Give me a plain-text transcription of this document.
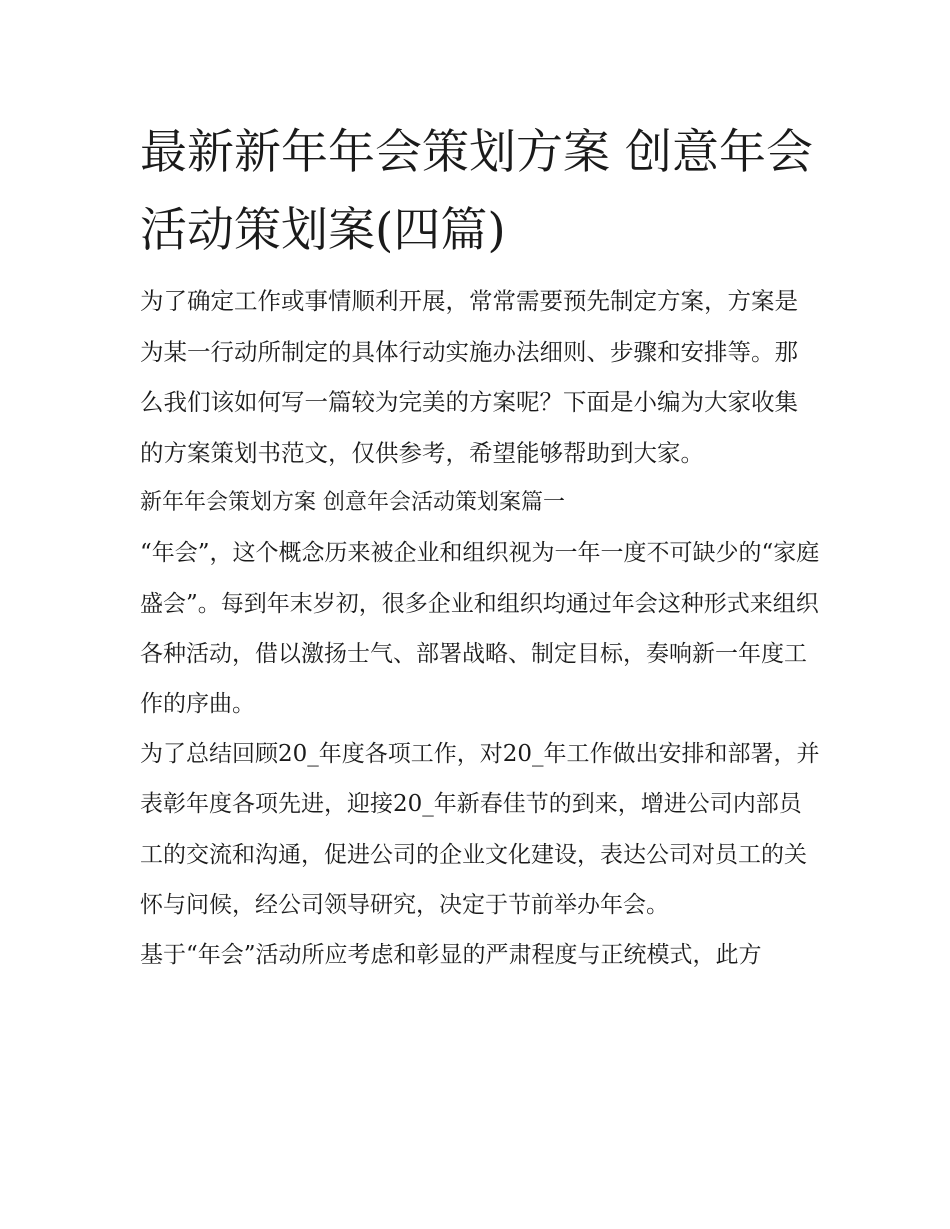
最新新年年会策划方案 创意年会活动策划案(四篇)

为了确定工作或事情顺利开展，常常需要预先制定方案，方案是为某一行动所制定的具体行动实施办法细则、步骤和安排等。那么我们该如何写一篇较为完美的方案呢？下面是小编为大家收集的方案策划书范文，仅供参考，希望能够帮助到大家。

新年年会策划方案 创意年会活动策划案篇一

“年会”，这个概念历来被企业和组织视为一年一度不可缺少的“家庭盛会”。每到年末岁初，很多企业和组织均通过年会这种形式来组织各种活动，借以激扬士气、部署战略、制定目标，奏响新一年度工作的序曲。

为了总结回顾20_年度各项工作，对20_年工作做出安排和部署，并表彰年度各项先进，迎接20_年新春佳节的到来，增进公司内部员工的交流和沟通，促进公司的企业文化建设，表达公司对员工的关怀与问候，经公司领导研究，决定于节前举办年会。

基于“年会”活动所应考虑和彰显的严肃程度与正统模式，此方
